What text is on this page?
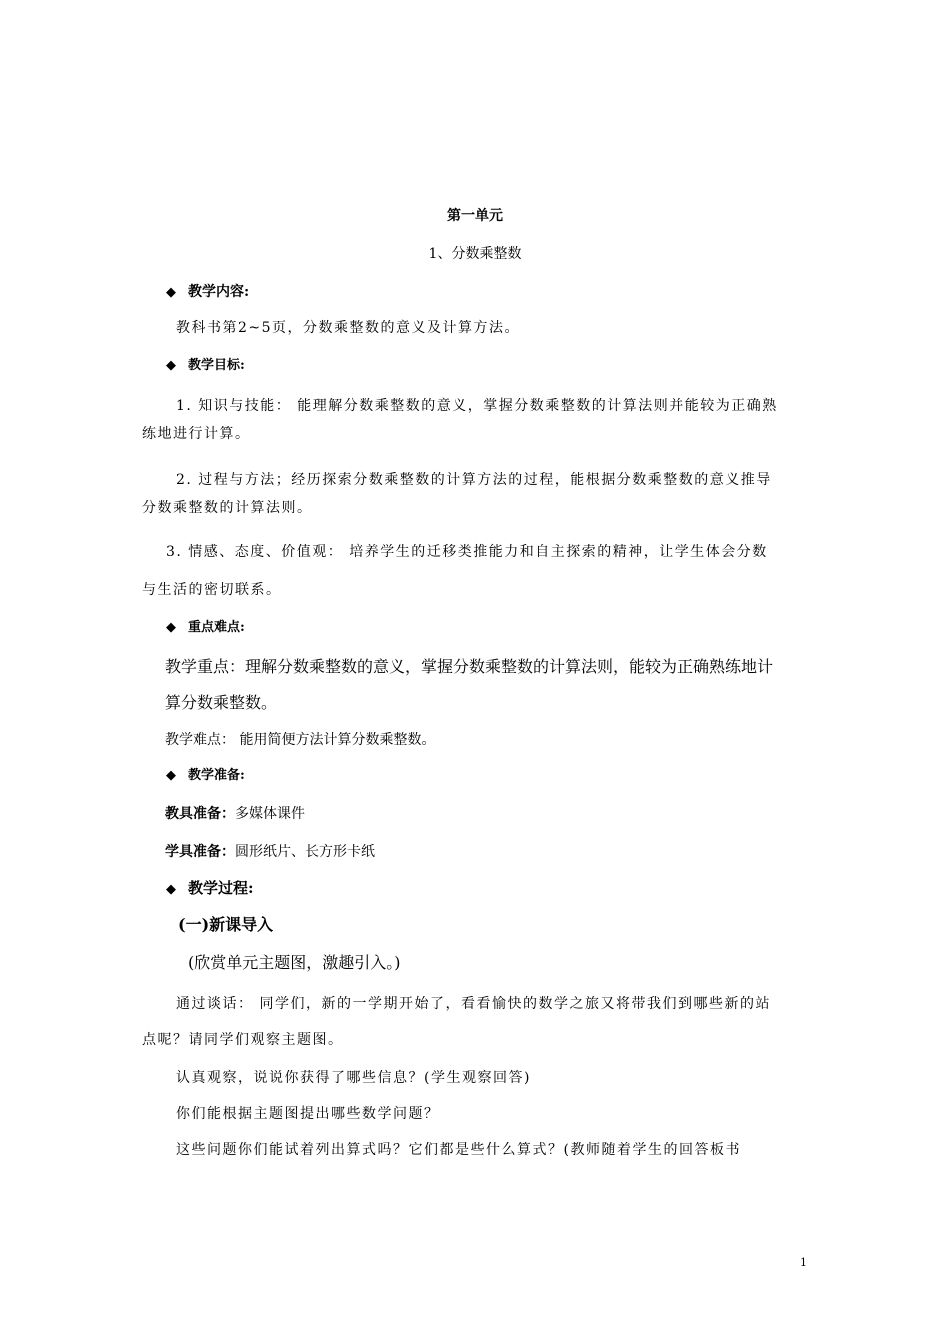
第一单元
1、分数乘整数
◆ 教学内容:
教科书第2~5页，分数乘整数的意义及计算方法。
◆ 教学目标:
1. 知识与技能： 能理解分数乘整数的意义，掌握分数乘整数的计算法则并能较为正确熟
练地进行计算。
2. 过程与方法；经历探索分数乘整数的计算方法的过程，能根据分数乘整数的意义推导
分数乘整数的计算法则。
3. 情感、态度、价值观： 培养学生的迁移类推能力和自主探索的精神，让学生体会分数
与生活的密切联系。
◆ 重点难点:
教学重点：理解分数乘整数的意义，掌握分数乘整数的计算法则，能较为正确熟练地计
算分数乘整数。
教学难点： 能用简便方法计算分数乘整数。
◆ 教学准备:
教具准备：多媒体课件
学具准备：圆形纸片、长方形卡纸
◆ 教学过程:
(一)新课导入
(欣赏单元主题图，激趣引入。)
通过谈话： 同学们，新的一学期开始了，看看愉快的数学之旅又将带我们到哪些新的站
点呢？请同学们观察主题图。
认真观察，说说你获得了哪些信息？(学生观察回答)
你们能根据主题图提出哪些数学问题？
这些问题你们能试着列出算式吗？它们都是些什么算式？(教师随着学生的回答板书
1
